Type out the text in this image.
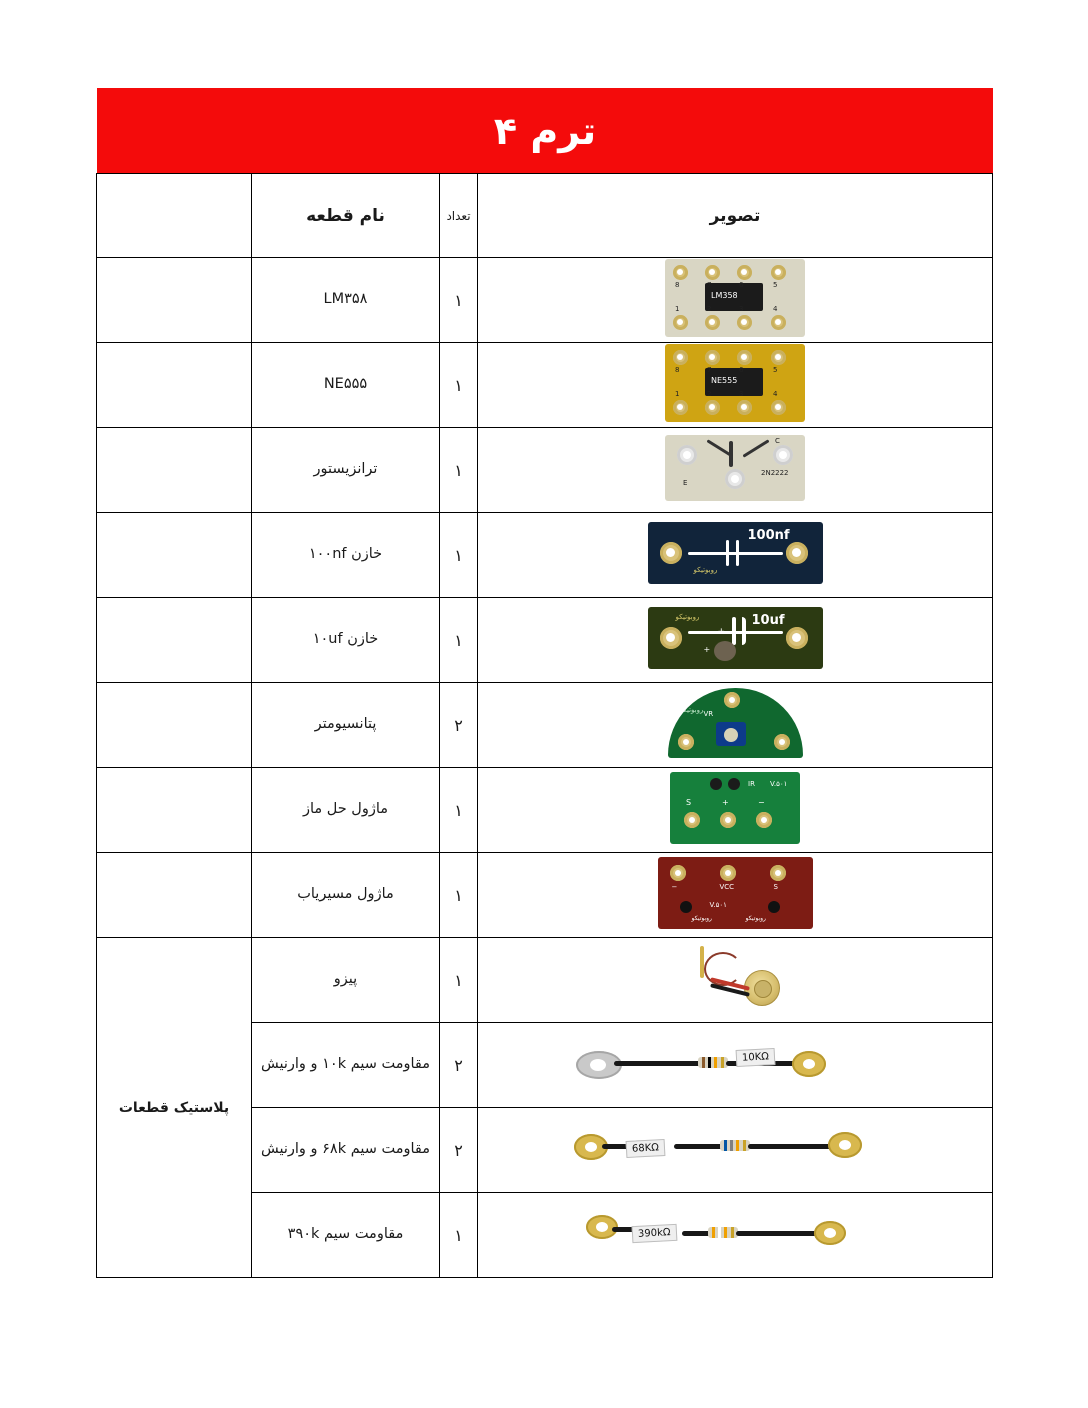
ترم ۴
تصویر	تعداد	نام قطعه	

LM358
8	7	6	5
1	2	3	4
	۱	LM۳۵۸	

NE555
8	7	6	5
1	2	3	4
	۱	NE۵۵۵	

2N2222
E
C	۱	ترانزیستور	

100nf
روبوتیکو	۱	خازن ۱۰۰nf	

10uf
+
+
روبوتیکو	۱	خازن ۱۰uf	

VR
روبوتیکو	۲	پتانسیومتر	

S + −
IR V.۵۰۱	۱	ماژول حل ماز	

−	VCC	S
V.۵۰۱
روبوتیکو
روبوتیکو
	۱	ماژول مسیریاب	

	۱	پیزو	پلاستیک قطعات

10KΩ	۲	مقاومت سیم ۱۰k و وارنیش	

68KΩ	۲	مقاومت سیم ۶۸k و وارنیش	

390kΩ	۱	مقاومت سیم ۳۹۰k	
